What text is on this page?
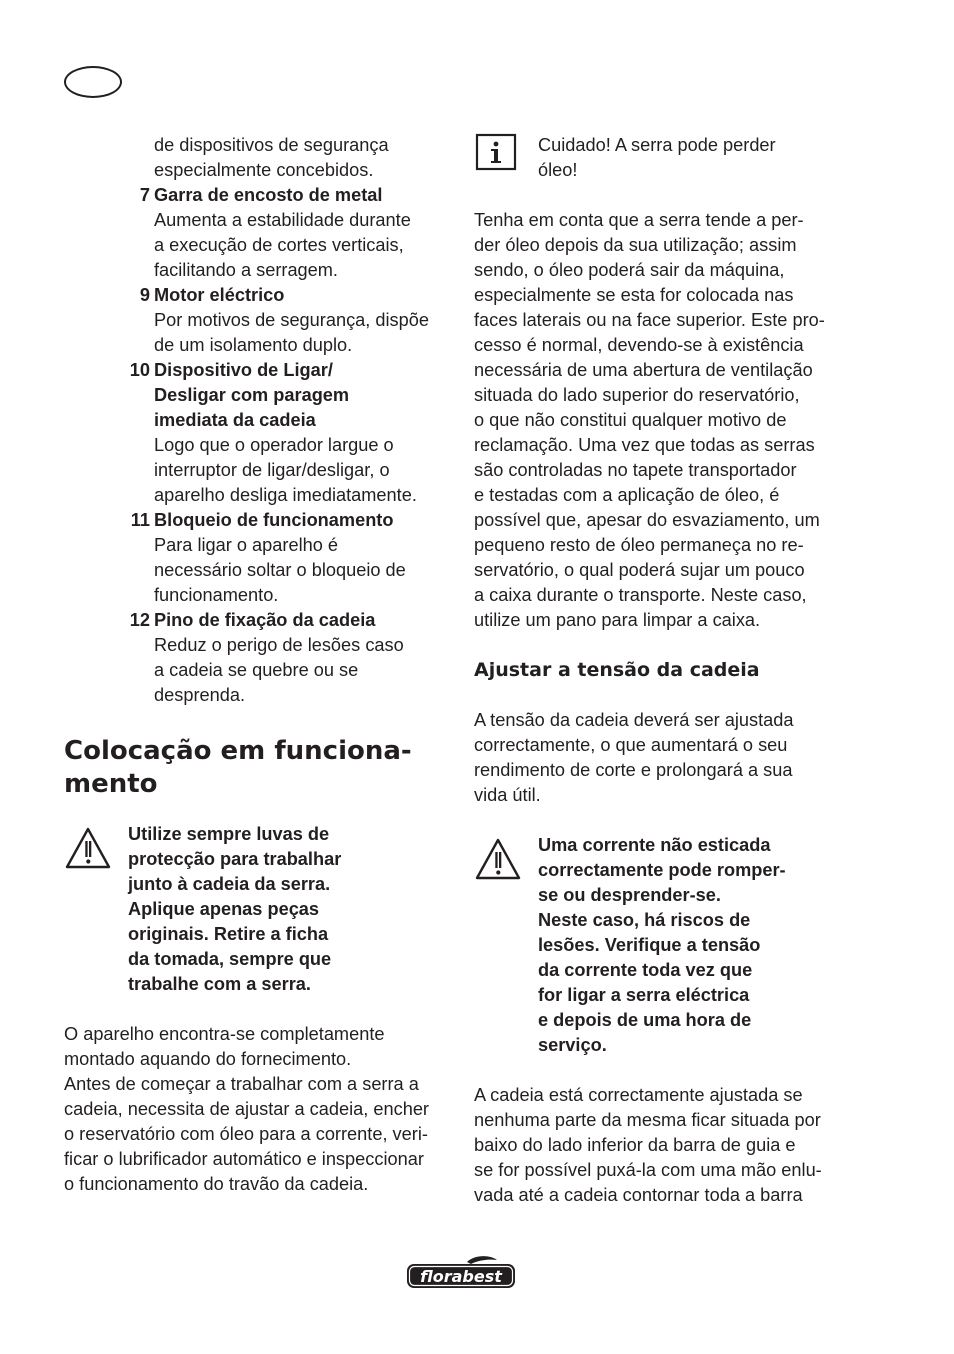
de dispositivos de segurança
especialmente concebidos.
7 Garra de encosto de metal
Aumenta a estabilidade durante
a execução de cortes verticais,
facilitando a serragem.
9 Motor eléctrico
Por motivos de segurança, dispõe
de um isolamento duplo.
10 Dispositivo de Ligar/
Desligar com paragem
imediata da cadeia
Logo que o operador largue o
interruptor de ligar/desligar, o
aparelho desliga imediatamente.
11 Bloqueio de funcionamento
Para ligar o aparelho é
necessário soltar o bloqueio de
funcionamento.
12 Pino de fixação da cadeia
Reduz o perigo de lesões caso
a cadeia se quebre ou se
desprenda.
Colocação em funciona-
mento
Utilize sempre luvas de
protecção para trabalhar
junto à cadeia da serra.
Aplique apenas peças
originais. Retire a ficha
da tomada, sempre que
trabalhe com a serra.
O aparelho encontra-se completamente
montado aquando do fornecimento.
Antes de começar a trabalhar com a serra a
cadeia, necessita de ajustar a cadeia, encher
o reservatório com óleo para a corrente, veri-
ficar o lubrificador automático e inspeccionar
o funcionamento do travão da cadeia.
Cuidado! A serra pode perder
óleo!
Tenha em conta que a serra tende a per-
der óleo depois da sua utilização; assim
sendo, o óleo poderá sair da máquina,
especialmente se esta for colocada nas
faces laterais ou na face superior. Este pro-
cesso é normal, devendo-se à existência
necessária de uma abertura de ventilação
situada do lado superior do reservatório,
o que não constitui qualquer motivo de
reclamação. Uma vez que todas as serras
são controladas no tapete transportador
e testadas com a aplicação de óleo, é
possível que, apesar do esvaziamento, um
pequeno resto de óleo permaneça no re-
servatório, o qual poderá sujar um pouco
a caixa durante o transporte. Neste caso,
utilize um pano para limpar a caixa.
Ajustar a tensão da cadeia
A tensão da cadeia deverá ser ajustada
correctamente, o que aumentará o seu
rendimento de corte e prolongará a sua
vida útil.
Uma corrente não esticada
correctamente pode romper-
se ou desprender-se.
Neste caso, há riscos de
lesões. Verifique a tensão
da corrente toda vez que
for ligar a serra eléctrica
e depois de uma hora de
serviço.
A cadeia está correctamente ajustada se
nenhuma parte da mesma ficar situada por
baixo do lado inferior da barra de guia e
se for possível puxá-la com uma mão enlu-
vada até a cadeia contornar toda a barra
florabest
